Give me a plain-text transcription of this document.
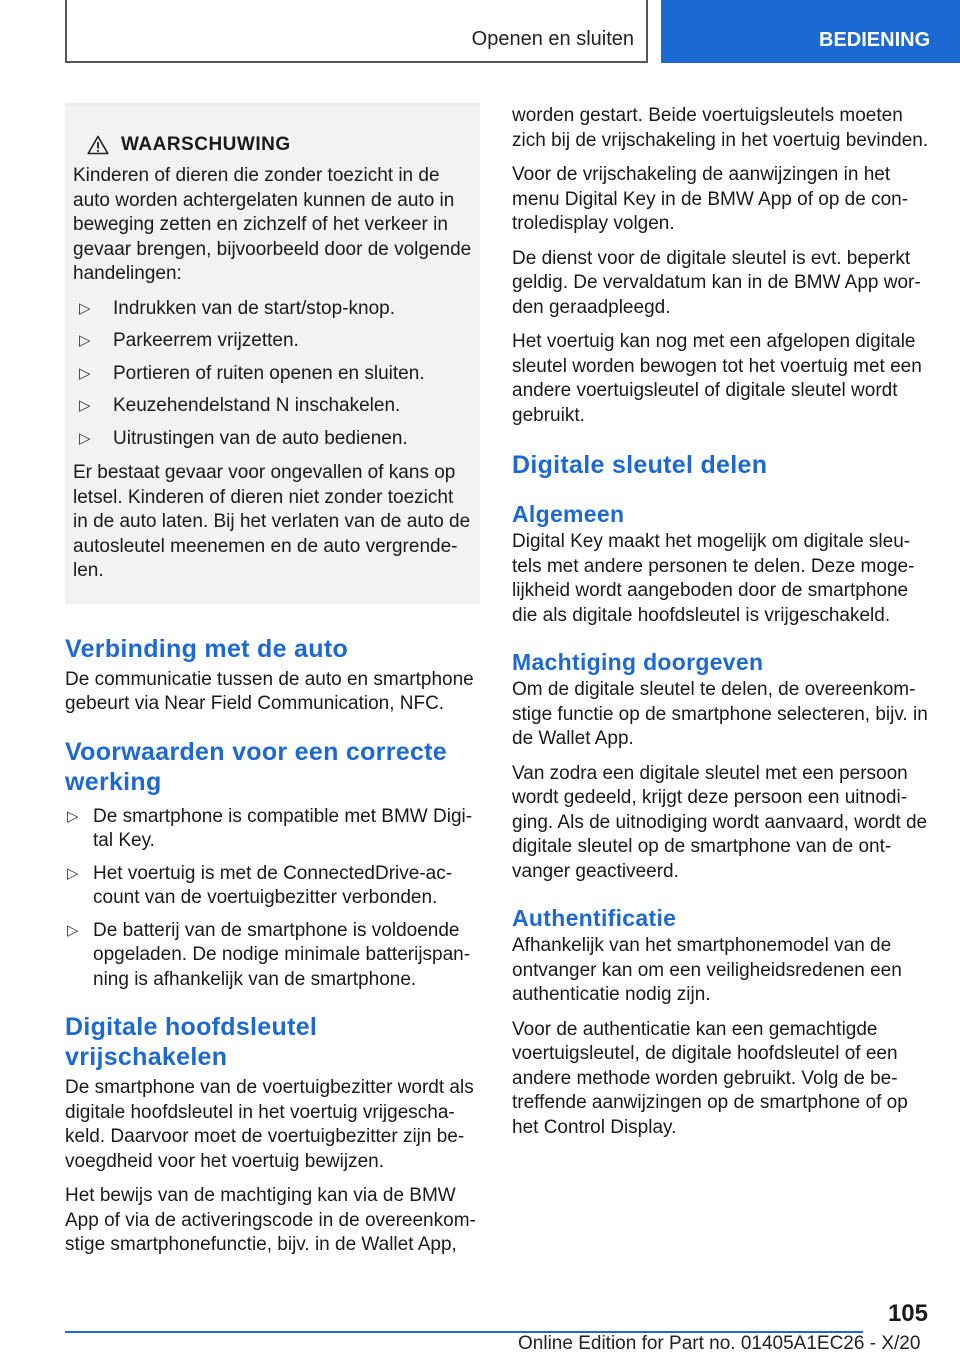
Openen en sluiten	BEDIENING
WAARSCHUWING

Kinderen of dieren die zonder toezicht in de auto worden achtergelaten kunnen de auto in beweging zetten en zichzelf of het verkeer in gevaar brengen, bijvoorbeeld door de volgende handelingen:

▷	Indrukken van de start/stop-knop.
▷	Parkeerrem vrijzetten.
▷	Portieren of ruiten openen en sluiten.
▷	Keuzehendelstand N inschakelen.
▷	Uitrustingen van de auto bedienen.

Er bestaat gevaar voor ongevallen of kans op letsel. Kinderen of dieren niet zonder toezicht in de auto laten. Bij het verlaten van de auto de autosleutel meenemen en de auto vergrende-len.

Verbinding met de auto

De communicatie tussen de auto en smartphone gebeurt via Near Field Communication, NFC.

Voorwaarden voor een correcte werking
▷ De smartphone is compatible met BMW Digi-tal Key.
▷ Het voertuig is met de ConnectedDrive-ac-count van de voertuigbezitter verbonden.
▷ De batterij van de smartphone is voldoende opgeladen. De nodige minimale batterijspan-ning is afhankelijk van de smartphone.
Digitale hoofdsleutel vrijschakelen

De smartphone van de voertuigbezitter wordt als digitale hoofdsleutel in het voertuig vrijgescha-keld. Daarvoor moet de voertuigbezitter zijn be-voegdheid voor het voertuig bewijzen.

Het bewijs van de machtiging kan via de BMW App of via de activeringscode in de overeenkom-stige smartphonefunctie, bijv. in de Wallet App,

worden gestart. Beide voertuigsleutels moeten zich bij de vrijschakeling in het voertuig bevinden.

Voor de vrijschakeling de aanwijzingen in het menu Digital Key in de BMW App of op de con-troledisplay volgen.

De dienst voor de digitale sleutel is evt. beperkt geldig. De vervaldatum kan in de BMW App wor-den geraadpleegd.

Het voertuig kan nog met een afgelopen digitale sleutel worden bewogen tot het voertuig met een andere voertuigsleutel of digitale sleutel wordt gebruikt.

Digitale sleutel delen
Algemeen

Digital Key maakt het mogelijk om digitale sleu-tels met andere personen te delen. Deze moge-lijkheid wordt aangeboden door de smartphone die als digitale hoofdsleutel is vrijgeschakeld.

Machtiging doorgeven

Om de digitale sleutel te delen, de overeenkom-stige functie op de smartphone selecteren, bijv. in de Wallet App.

Van zodra een digitale sleutel met een persoon wordt gedeeld, krijgt deze persoon een uitnodi-ging. Als de uitnodiging wordt aanvaard, wordt de digitale sleutel op de smartphone van de ont-vanger geactiveerd.

Authentificatie

Afhankelijk van het smartphonemodel van de ontvanger kan om een veiligheidsredenen een authenticatie nodig zijn.

Voor de authenticatie kan een gemachtigde voertuigsleutel, de digitale hoofdsleutel of een andere methode worden gebruikt. Volg de be-treffende aanwijzingen op de smartphone of op het Control Display.

105
Online Edition for Part no. 01405A1EC26 - X/20
